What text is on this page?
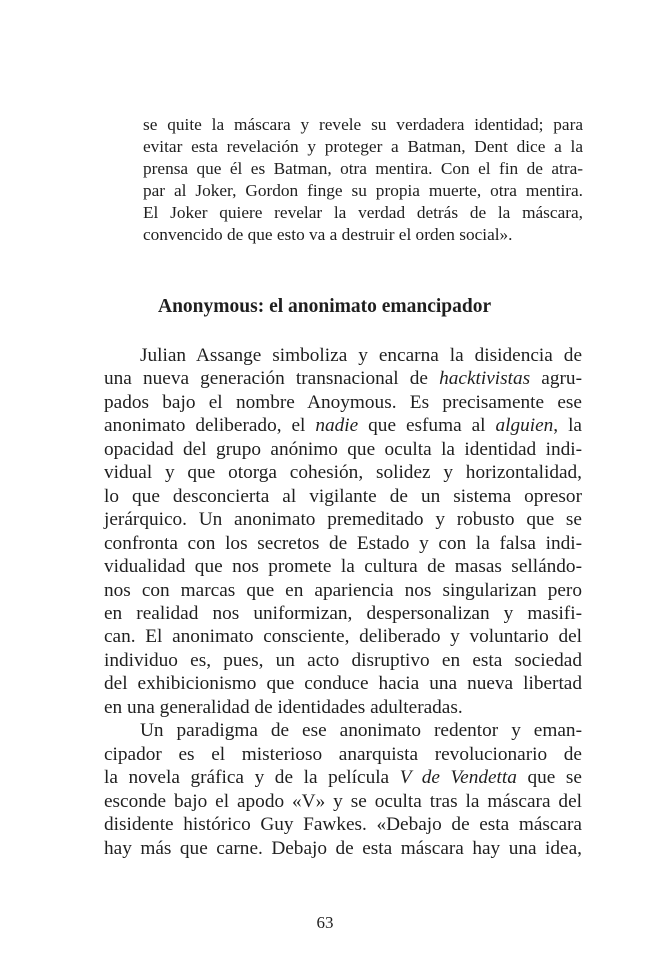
se quite la máscara y revele su verdadera identidad; para
evitar esta revelación y proteger a Batman, Dent dice a la
prensa que él es Batman, otra mentira. Con el fin de atra-
par al Joker, Gordon finge su propia muerte, otra mentira.
El Joker quiere revelar la verdad detrás de la máscara,
convencido de que esto va a destruir el orden social».
Anonymous: el anonimato emancipador
Julian Assange simboliza y encarna la disidencia de
una nueva generación transnacional de hacktivistas agru-
pados bajo el nombre Anoymous. Es precisamente ese
anonimato deliberado, el nadie que esfuma al alguien, la
opacidad del grupo anónimo que oculta la identidad indi-
vidual y que otorga cohesión, solidez y horizontalidad,
lo que desconcierta al vigilante de un sistema opresor
jerárquico. Un anonimato premeditado y robusto que se
confronta con los secretos de Estado y con la falsa indi-
vidualidad que nos promete la cultura de masas sellándo-
nos con marcas que en apariencia nos singularizan pero
en realidad nos uniformizan, despersonalizan y masifi-
can. El anonimato consciente, deliberado y voluntario del
individuo es, pues, un acto disruptivo en esta sociedad
del exhibicionismo que conduce hacia una nueva libertad
en una generalidad de identidades adulteradas.
Un paradigma de ese anonimato redentor y eman-
cipador es el misterioso anarquista revolucionario de
la novela gráfica y de la película V de Vendetta que se
esconde bajo el apodo «V» y se oculta tras la máscara del
disidente histórico Guy Fawkes. «Debajo de esta máscara
hay más que carne. Debajo de esta máscara hay una idea,
63
